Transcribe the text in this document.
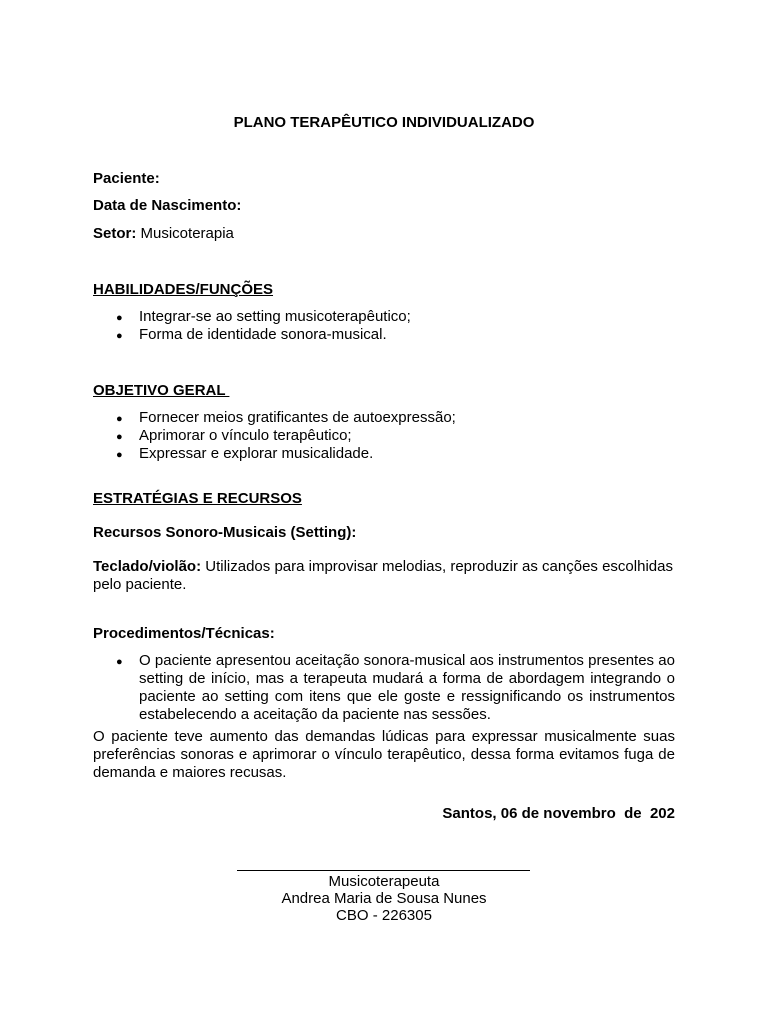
PLANO TERAPÊUTICO INDIVIDUALIZADO
Paciente:
Data de Nascimento:
Setor: Musicoterapia
HABILIDADES/FUNÇÕES
● Integrar-se ao setting musicoterapêutico;
● Forma de identidade sonora-musical.
OBJETIVO GERAL
● Fornecer meios gratificantes de autoexpressão;
● Aprimorar o vínculo terapêutico;
● Expressar e explorar musicalidade.
ESTRATÉGIAS E RECURSOS
Recursos Sonoro-Musicais (Setting):
Teclado/violão: Utilizados para improvisar melodias, reproduzir as canções escolhidas pelo paciente.
Procedimentos/Técnicas:
● O paciente apresentou aceitação sonora-musical aos instrumentos presentes ao setting de início, mas a terapeuta mudará a forma de abordagem integrando o paciente ao setting com itens que ele goste e ressignificando os instrumentos estabelecendo a aceitação da paciente nas sessões.
O paciente teve aumento das demandas lúdicas para expressar musicalmente suas preferências sonoras e aprimorar o vínculo terapêutico, dessa forma evitamos fuga de demanda e maiores recusas.
Santos, 06 de novembro  de  202
Musicoterapeuta
Andrea Maria de Sousa Nunes
CBO - 226305
